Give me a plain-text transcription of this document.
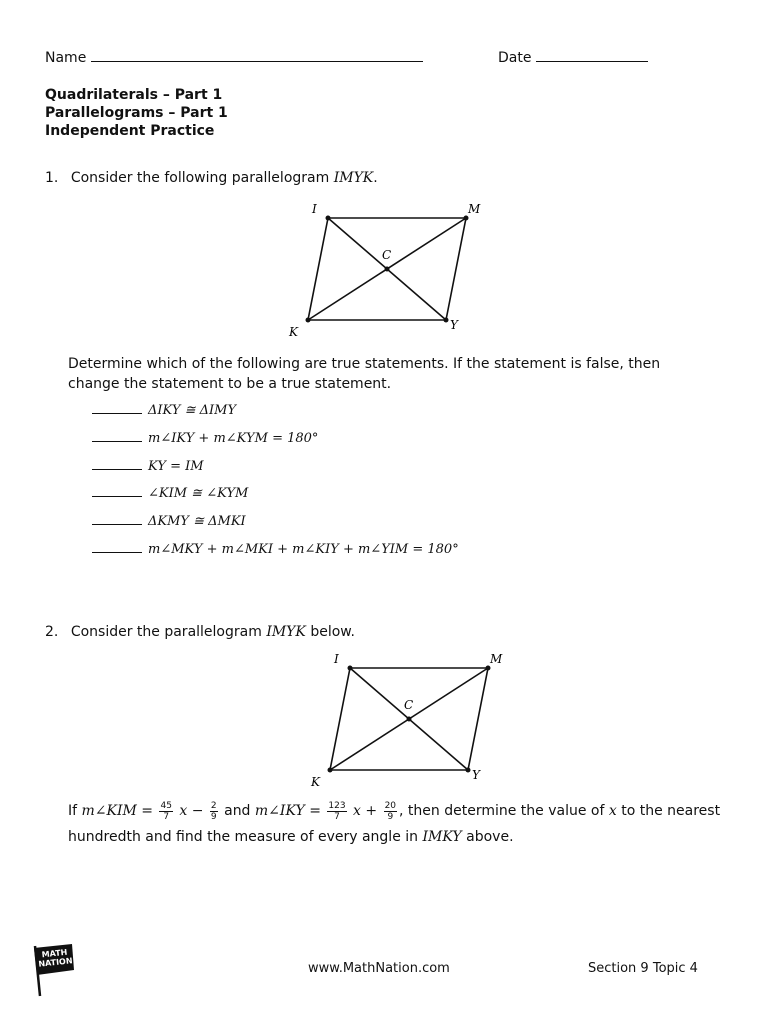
Name	Date
Quadrilaterals – Part 1
Parallelograms – Part 1
Independent Practice
1. Consider the following parallelogram IMYK.
I	M
C
K	Y
Determine which of the following are true statements. If the statement is false, then
change the statement to be a true statement.
ΔIKY ≅ ΔIMY
m∠IKY + m∠KYM = 180°
KY = IM
∠KIM ≅ ∠KYM
ΔKMY ≅ ΔMKI
m∠MKY + m∠MKI + m∠KIY + m∠YIM = 180°
2. Consider the parallelogram IMYK below.
I	M
C
K	Y
If m∠KIM = $\frac{45}{7}$ $x - \frac{2}{9}$ and m∠IKY = $\frac{123}{7}$ $x + \frac{20}{9}$ , then determine the value of x to the nearest
hundredth and find the measure of every angle in IMKY above.
MATH
NATION	www.MathNation.com	Section 9 Topic 4
